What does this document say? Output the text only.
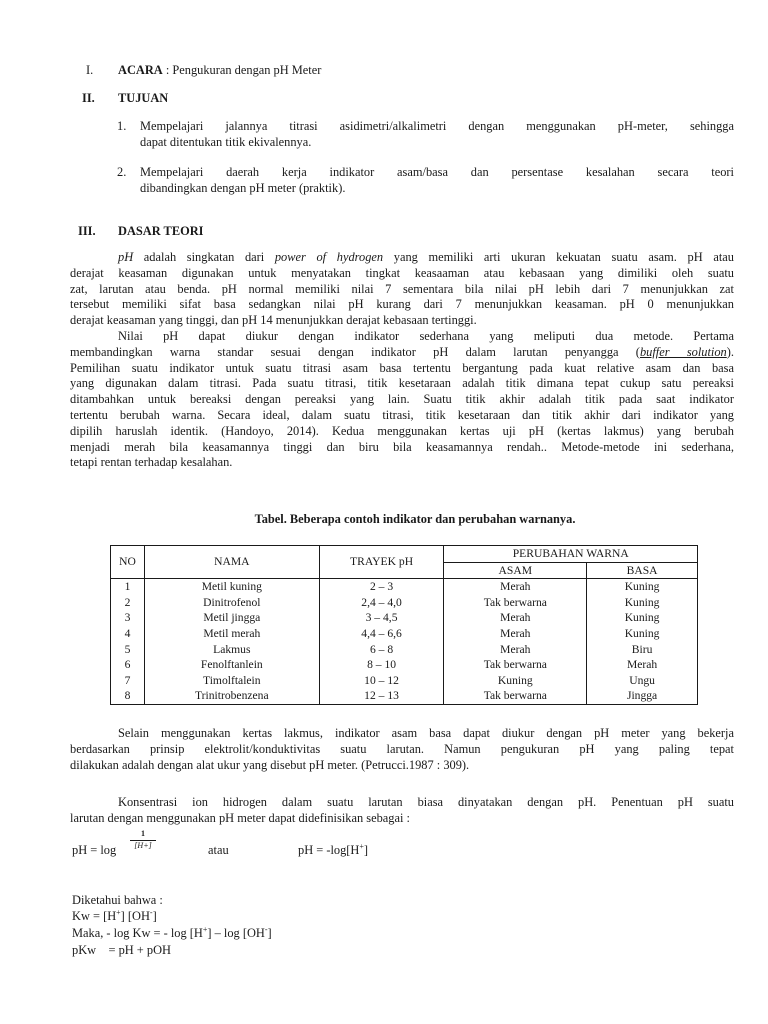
I. ACARA : Pengukuran dengan pH Meter
II. TUJUAN
1. Mempelajari jalannya titrasi asidimetri/alkalimetri dengan menggunakan pH-meter, sehingga
dapat ditentukan titik ekivalennya.
2. Mempelajari daerah kerja indikator asam/basa dan persentase kesalahan secara teori
dibandingkan dengan pH meter (praktik).
III. DASAR TEORI
pH adalah singkatan dari power of hydrogen yang memiliki arti ukuran kekuatan suatu asam. pH atau
derajat keasaman digunakan untuk menyatakan tingkat keasaaman atau kebasaan yang dimiliki oleh suatu
zat, larutan atau benda. pH normal memiliki nilai 7 sementara bila nilai pH lebih dari 7 menunjukkan zat
tersebut memiliki sifat basa sedangkan nilai pH kurang dari 7 menunjukkan keasaman. pH 0 menunjukkan
derajat keasaman yang tinggi, dan pH 14 menunjukkan derajat kebasaan tertinggi.
Nilai pH dapat diukur dengan indikator sederhana yang meliputi dua metode. Pertama
membandingkan warna standar sesuai dengan indikator pH dalam larutan penyangga (buffer solution).
Pemilihan suatu indikator untuk suatu titrasi asam basa tertentu bergantung pada kuat relative asam dan basa
yang digunakan dalam titrasi. Pada suatu titrasi, titik kesetaraan adalah titik dimana tepat cukup satu pereaksi
ditambahkan untuk bereaksi dengan pereaksi yang lain. Suatu titik akhir adalah titik pada saat indikator
tertentu berubah warna. Secara ideal, dalam suatu titrasi, titik kesetaraan dan titik akhir dari indikator yang
dipilih haruslah identik. (Handoyo, 2014). Kedua menggunakan kertas uji pH (kertas lakmus) yang berubah
menjadi merah bila keasamannya tinggi dan biru bila keasamannya rendah.. Metode-metode ini sederhana,
tetapi rentan terhadap kesalahan.
Tabel. Beberapa contoh indikator dan perubahan warnanya.
NO	NAMA	TRAYEK pH	PERUBAHAN WARNA	
			ASAM	BASA
1	Metil kuning	2 – 3	Merah	Kuning
2	Dinitrofenol	2,4 – 4,0	Tak berwarna	Kuning
3	Metil jingga	3 – 4,5	Merah	Kuning
4	Metil merah	4,4 – 6,6	Merah	Kuning
5	Lakmus	6 – 8	Merah	Biru
6	Fenolftanlein	8 – 10	Tak berwarna	Merah
7	Timolftalein	10 – 12	Kuning	Ungu
8	Trinitrobenzena	12 – 13	Tak berwarna	Jingga
Selain menggunakan kertas lakmus, indikator asam basa dapat diukur dengan pH meter yang bekerja
berdasarkan prinsip elektrolit/konduktivitas suatu larutan. Namun pengukuran pH yang paling tepat
dilakukan adalah dengan alat ukur yang disebut pH meter. (Petrucci.1987 : 309).
Konsentrasi ion hidrogen dalam suatu larutan biasa dinyatakan dengan pH. Penentuan pH suatu
larutan dengan menggunakan pH meter dapat didefinisikan sebagai :
pH = log
1
[H+]	atau	pH = -log[H+]
Diketahui bahwa :
Kw = [H+] [OH-]
Maka, - log Kw = - log [H+] – log [OH-]
pKw    = pH + pOH
